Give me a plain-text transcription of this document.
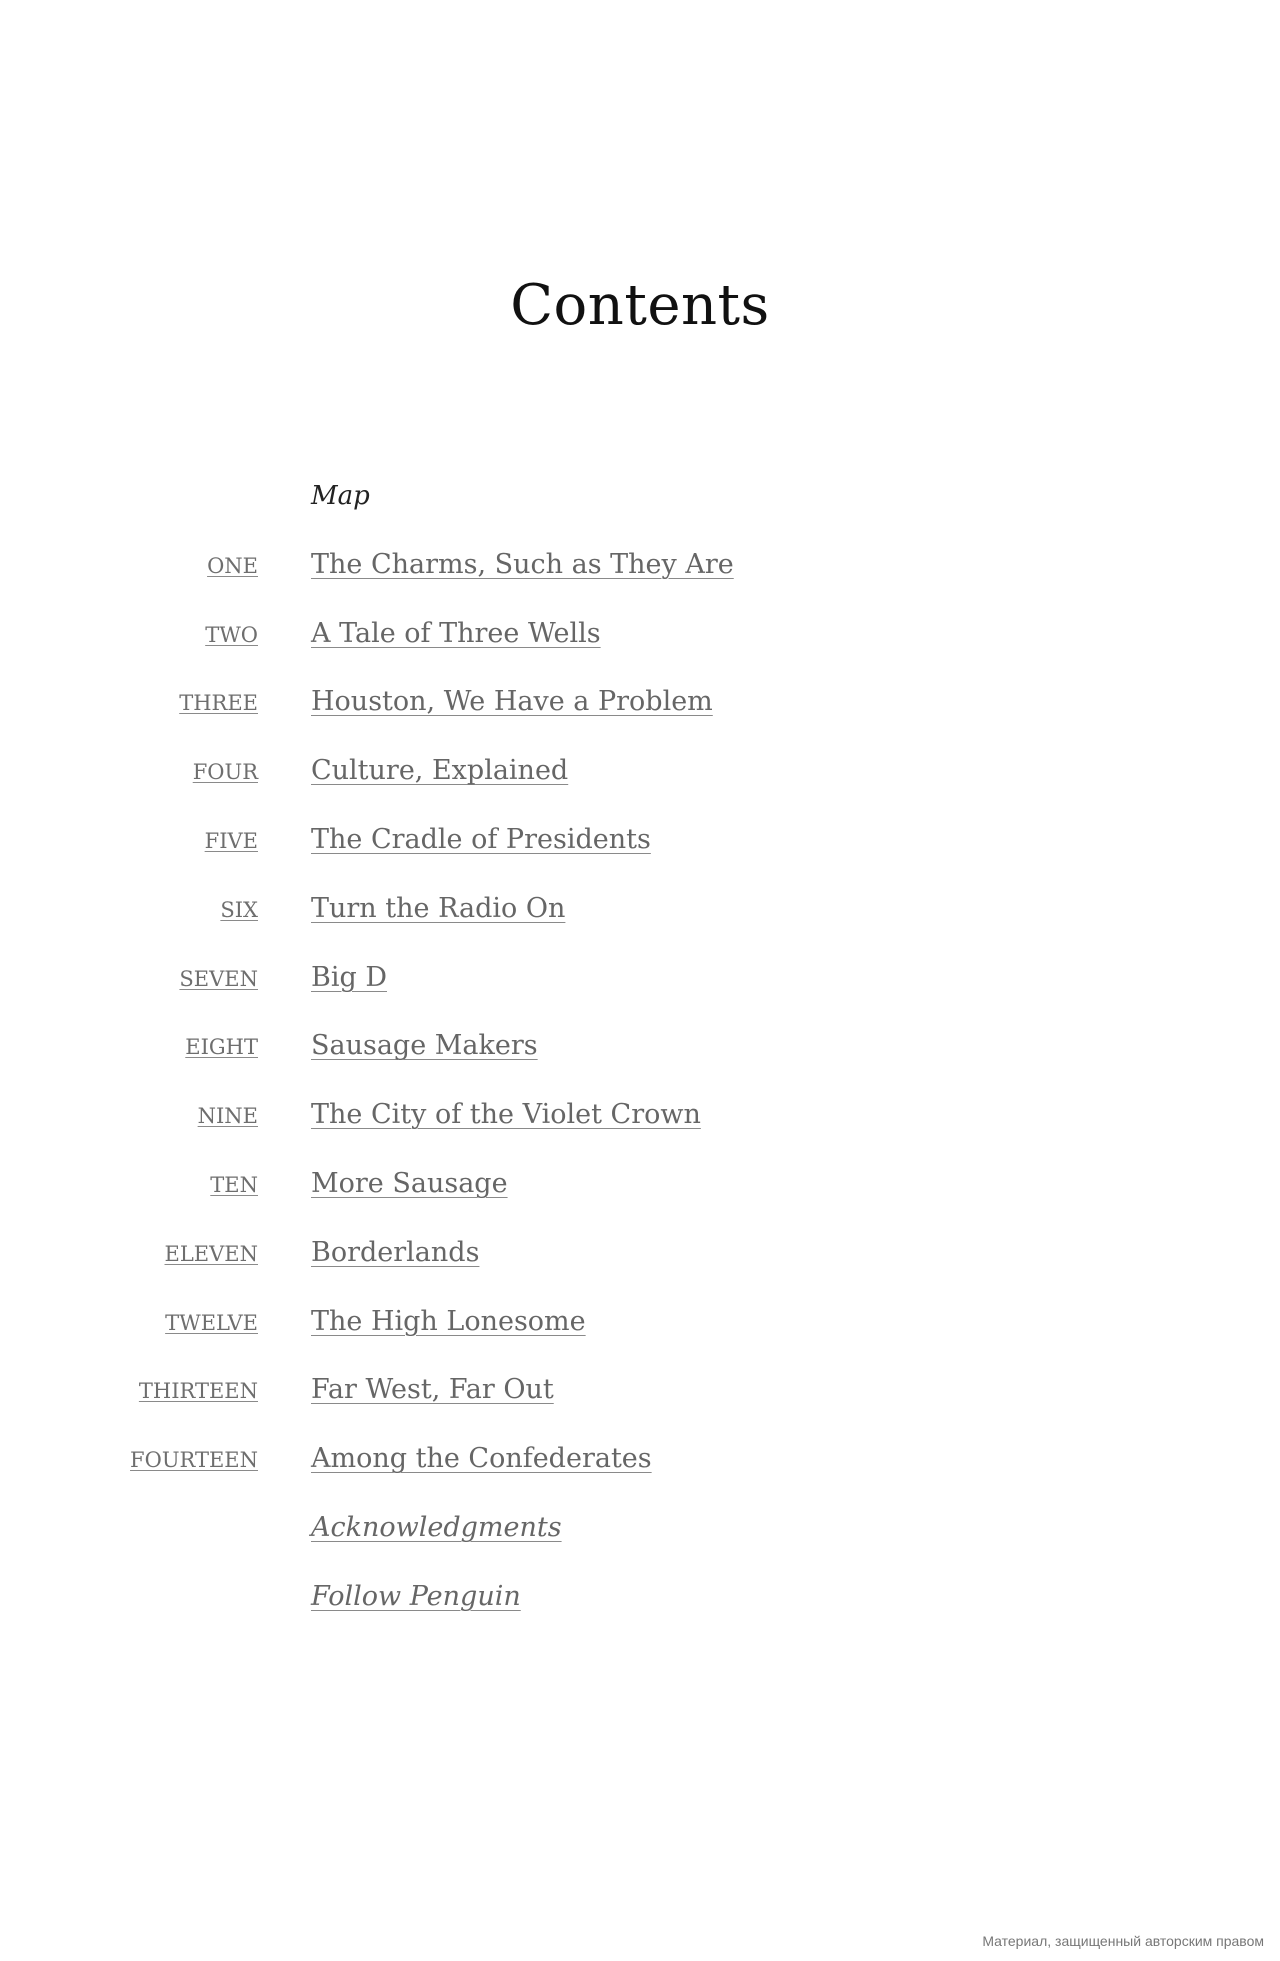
Contents
Map
ONE The Charms, Such as They Are
TWO A Tale of Three Wells
THREE Houston, We Have a Problem
FOUR Culture, Explained
FIVE The Cradle of Presidents
SIX Turn the Radio On
SEVEN Big D
EIGHT Sausage Makers
NINE The City of the Violet Crown
TEN More Sausage
ELEVEN Borderlands
TWELVE The High Lonesome
THIRTEEN Far West, Far Out
FOURTEEN Among the Confederates
Acknowledgments
Follow Penguin
Материал, защищенный авторским правом
